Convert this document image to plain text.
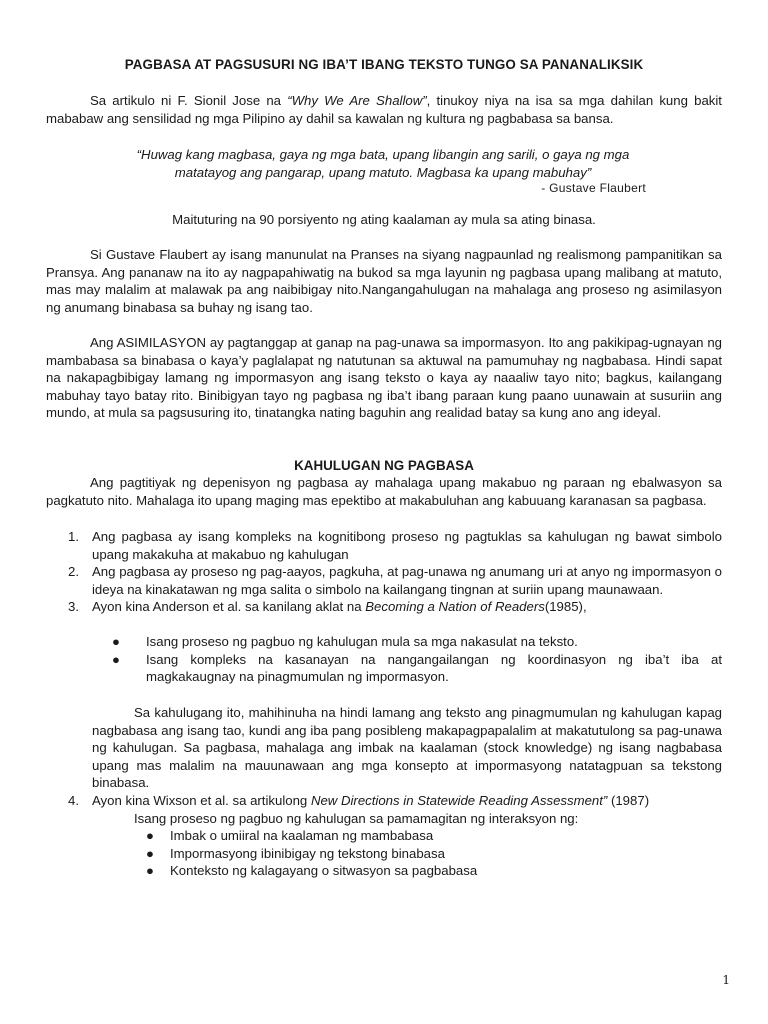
PAGBASA AT PAGSUSURI NG IBA’T IBANG TEKSTO TUNGO SA PANANALIKSIK
Sa artikulo ni F. Sionil Jose na “Why We Are Shallow”, tinukoy niya na isa sa mga dahilan kung bakit mababaw ang sensilidad ng mga Pilipino ay dahil sa kawalan ng kultura ng pagbabasa sa bansa.
“Huwag kang magbasa, gaya ng mga bata, upang libangin ang sarili, o gaya ng mga
matatayog ang pangarap, upang matuto. Magbasa ka upang mabuhay”
- Gustave Flaubert
Maituturing na 90 porsiyento ng ating kaalaman ay mula sa ating binasa.
Si Gustave Flaubert ay isang manunulat na Pranses na siyang nagpaunlad ng realismong pampanitikan sa Pransya. Ang pananaw na ito ay nagpapahiwatig na bukod sa mga layunin ng pagbasa upang malibang at matuto, mas may malalim at malawak pa ang naibibigay nito.Nangangahulugan na mahalaga ang proseso ng asimilasyon ng anumang binabasa sa buhay ng isang tao.
Ang ASIMILASYON ay pagtanggap at ganap na pag-unawa sa impormasyon. Ito ang pakikipag-ugnayan ng mambabasa sa binabasa o kaya’y paglalapat ng natutunan sa aktuwal na pamumuhay ng nagbabasa. Hindi sapat na nakapagbibigay lamang ng impormasyon ang isang teksto o kaya ay naaaliw tayo nito; bagkus, kailangang mabuhay tayo batay rito. Binibigyan tayo ng pagbasa ng iba’t ibang paraan kung paano uunawain at susuriin ang mundo, at mula sa pagsusuring ito, tinatangka nating baguhin ang realidad batay sa kung ano ang ideyal.
KAHULUGAN NG PAGBASA
Ang pagtitiyak ng depenisyon ng pagbasa ay mahalaga upang makabuo ng paraan ng ebalwasyon sa pagkatuto nito. Mahalaga ito upang maging mas epektibo at makabuluhan ang kabuuang karanasan sa pagbasa.
1. Ang pagbasa ay isang kompleks na kognitibong proseso ng pagtuklas sa kahulugan ng bawat simbolo upang makakuha at makabuo ng kahulugan
2. Ang pagbasa ay proseso ng pag-aayos, pagkuha, at pag-unawa ng anumang uri at anyo ng impormasyon o ideya na kinakatawan ng mga salita o simbolo na kailangang tingnan at suriin upang maunawaan.
3. Ayon kina Anderson et al. sa kanilang aklat na Becoming a Nation of Readers(1985),
● Isang proseso ng pagbuo ng kahulugan mula sa mga nakasulat na teksto.
● Isang kompleks na kasanayan na nangangailangan ng koordinasyon ng iba’t iba at magkakaugnay na pinagmumulan ng impormasyon.
Sa kahulugang ito, mahihinuha na hindi lamang ang teksto ang pinagmumulan ng kahulugan kapag nagbabasa ang isang tao, kundi ang iba pang posibleng makapagpapalalim at makatutulong sa pag-unawa ng kahulugan. Sa pagbasa, mahalaga ang imbak na kaalaman (stock knowledge) ng isang nagbabasa upang mas malalim na mauunawaan ang mga konsepto at impormasyong natatagpuan sa tekstong binabasa.
4. Ayon kina Wixson et al. sa artikulong New Directions in Statewide Reading Assessment” (1987)
Isang proseso ng pagbuo ng kahulugan sa pamamagitan ng interaksyon ng:
● Imbak o umiiral na kaalaman ng mambabasa
● Impormasyong ibinibigay ng tekstong binabasa
● Konteksto ng kalagayang o sitwasyon sa pagbabasa
1
